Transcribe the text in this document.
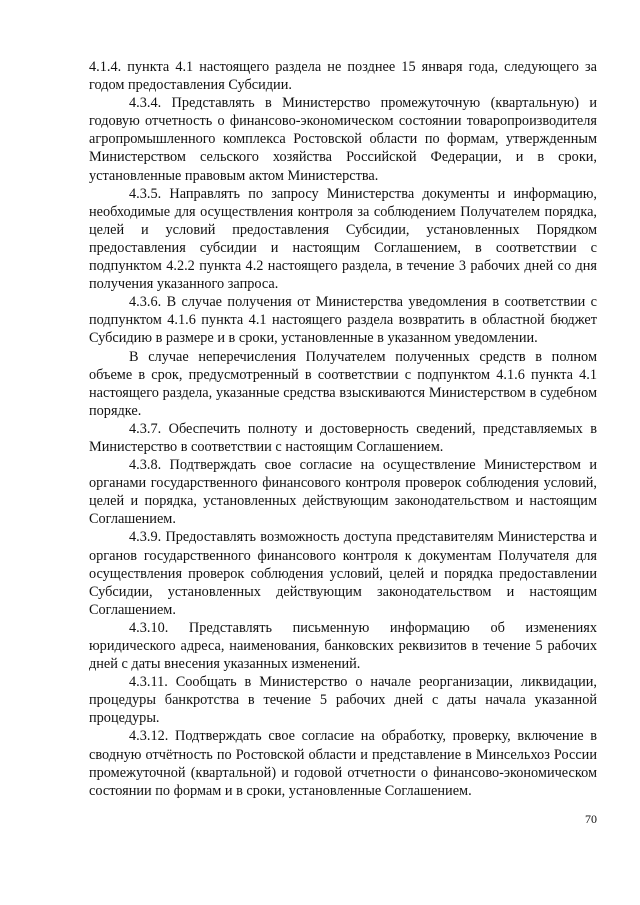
4.1.4. пункта 4.1 настоящего раздела не позднее 15 января года, следующего за годом предоставления Субсидии.

4.3.4. Представлять в Министерство промежуточную (квартальную) и годовую отчетность о финансово-экономическом состоянии товаропроизводителя агропромышленного комплекса Ростовской области по формам, утвержденным Министерством сельского хозяйства Российской Федерации, и в сроки, установленные правовым актом Министерства.

4.3.5. Направлять по запросу Министерства документы и информацию, необходимые для осуществления контроля за соблюдением Получателем порядка, целей и условий предоставления Субсидии, установленных Порядком предоставления субсидии и настоящим Соглашением, в соответствии с подпунктом 4.2.2 пункта 4.2 настоящего раздела, в течение 3 рабочих дней со дня получения указанного запроса.

4.3.6. В случае получения от Министерства уведомления в соответствии с подпунктом 4.1.6 пункта 4.1 настоящего раздела возвратить в областной бюджет Субсидию в размере и в сроки, установленные в указанном уведомлении.

В случае неперечисления Получателем полученных средств в полном объеме в срок, предусмотренный в соответствии с подпунктом 4.1.6 пункта 4.1 настоящего раздела, указанные средства взыскиваются Министерством в судебном порядке.

4.3.7. Обеспечить полноту и достоверность сведений, представляемых в Министерство в соответствии с настоящим Соглашением.

4.3.8. Подтверждать свое согласие на осуществление Министерством и органами государственного финансового контроля проверок соблюдения условий, целей и порядка, установленных действующим законодательством и настоящим Соглашением.

4.3.9. Предоставлять возможность доступа представителям Министерства и органов государственного финансового контроля к документам Получателя для осуществления проверок соблюдения условий, целей и порядка предоставлении Субсидии, установленных действующим законодательством и настоящим Соглашением.

4.3.10. Представлять письменную информацию об изменениях юридического адреса, наименования, банковских реквизитов в течение 5 рабочих дней с даты внесения указанных изменений.

4.3.11. Сообщать в Министерство о начале реорганизации, ликвидации, процедуры банкротства в течение 5 рабочих дней с даты начала указанной процедуры.

4.3.12. Подтверждать свое согласие на обработку, проверку, включение в сводную отчётность по Ростовской области и представление в Минсельхоз России промежуточной (квартальной) и годовой отчетности о финансово-экономическом состоянии по формам и в сроки, установленные Соглашением.

70
